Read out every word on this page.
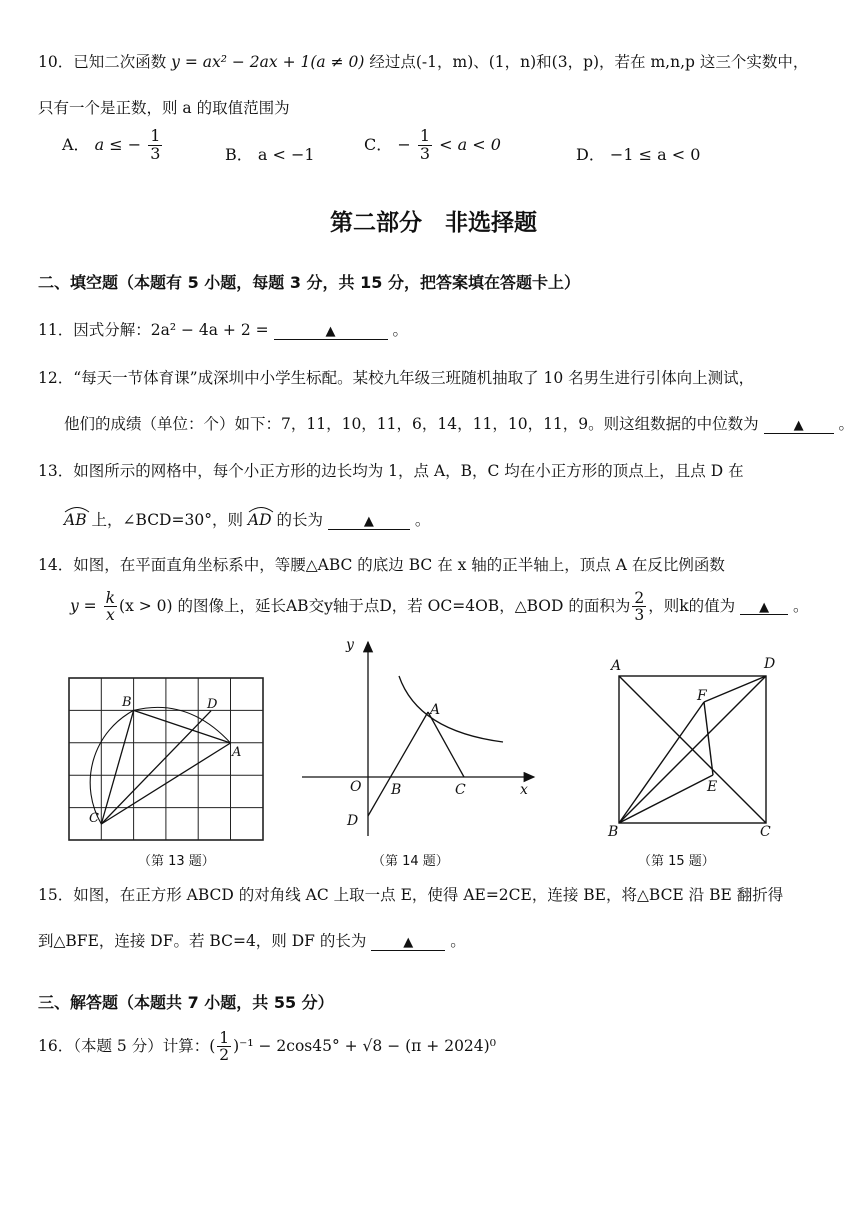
10．已知二次函数 y = ax² − 2ax + 1(a ≠ 0) 经过点(-1，m)、(1，n)和(3，p)，若在 m,n,p 这三个实数中，
只有一个是正数，则 a 的取值范围为
A． a ≤ − $\frac{1}{3}$	B． a < −1
C． − $\frac{1}{3} < a < 0$
D． −1 ≤ a < 0
第二部分　非选择题
二、填空题（本题有 5 小题，每题 3 分，共 15 分，把答案填在答题卡上）
11．因式分解：2a² − 4a + 2 =	▲	。
12．“每天一节体育课”成深圳中小学生标配。某校九年级三班随机抽取了 10 名男生进行引体向上测试，
他们的成绩（单位：个）如下：7，11，10，11，6，14，11，10，11，9。则这组数据的中位数为	▲ 。
13．如图所示的网格中，每个小正方形的边长均为 1，点 A，B，C 均在小正方形的顶点上，且点 D 在
AB 上，∠BCD=30°，则 AD 的长为	▲	。
14．如图，在平面直角坐标系中，等腰△ABC 的底边 BC 在 x 轴的正半轴上，顶点 A 在反比例函数
$y = \frac{k}{x} (x > 0)$ 的图像上，延长AB交y轴于点D，若 OC=4OB，△BOD 的面积为 $\frac{2}{3}$ ，则k的值为 ▲ 。
B	D
A
C
（第 13 题）
y
A
O B	C	x
D
（第 14 题）
A	D
F
E
B	C
（第 15 题）
15．如图，在正方形 ABCD 的对角线 AC 上取一点 E，使得 AE=2CE，连接 BE，将△BCE 沿 BE 翻折得
到△BFE，连接 DF。若 BC=4，则 DF 的长为	▲ 。
三、解答题（本题共 7 小题，共 55 分）
16．（本题 5 分）计算：( $\frac{1}{2} )^{-1} - 2\cos 45^\circ + √8 - (\pi + 2024)^0$
